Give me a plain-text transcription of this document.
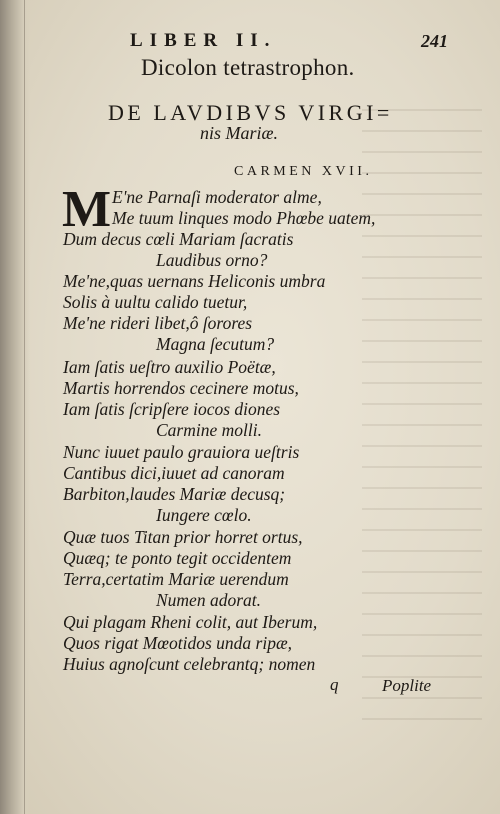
LIBER II.	241
Dicolon tetrastrophon.
DE LAVDIBVS VIRGI=
nis Mariæ.
CARMEN XVII.
M E'ne Parnaſi moderator alme,
Me tuum linques modo Phœbe uatem,
Dum decus cœli Mariam ſacratis
Laudibus orno?
Me'ne,quas uernans Heliconis umbra
Solis à uultu calido tuetur,
Me'ne rideri libet,ô ſorores
Magna ſecutum?
Iam ſatis ueſtro auxilio Poëtæ,
Martis horrendos cecinere motus,
Iam ſatis ſcripſere iocos diones
Carmine molli.
Nunc iuuet paulo grauiora ueſtris
Cantibus dici,iuuet ad canoram
Barbiton,laudes Mariæ decusq;
Iungere cœlo.
Quæ tuos Titan prior horret ortus,
Quæq; te ponto tegit occidentem
Terra,certatim Mariæ uerendum
Numen adorat.
Qui plagam Rheni colit, aut Iberum,
Quos rigat Mœotidos unda ripæ,
Huius agnoſcunt celebrantq; nomen
q	Poplite
